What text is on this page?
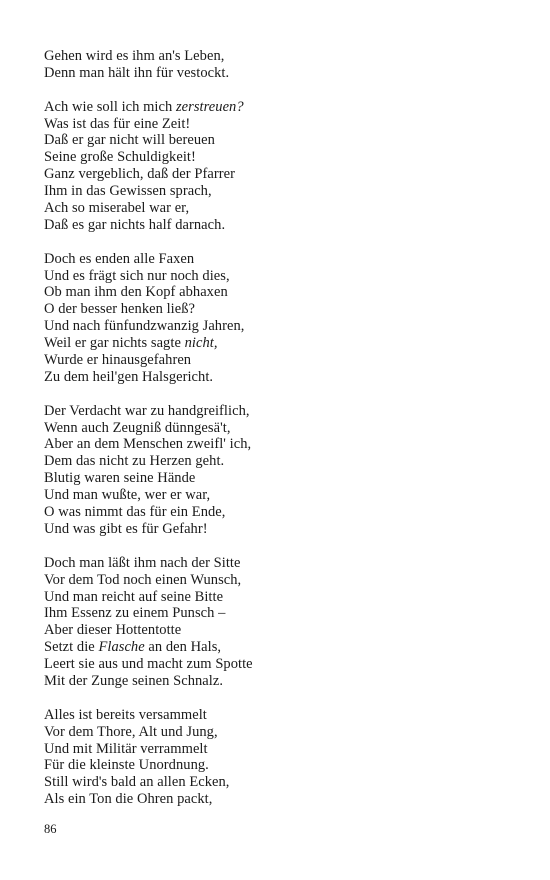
Gehen wird es ihm an's Leben,
Denn man hält ihn für vestockt.
Ach wie soll ich mich zerstreuen?
Was ist das für eine Zeit!
Daß er gar nicht will bereuen
Seine große Schuldigkeit!
Ganz vergeblich, daß der Pfarrer
Ihm in das Gewissen sprach,
Ach so miserabel war er,
Daß es gar nichts half darnach.
Doch es enden alle Faxen
Und es frägt sich nur noch dies,
Ob man ihm den Kopf abhaxen
O der besser henken ließ?
Und nach fünfundzwanzig Jahren,
Weil er gar nichts sagte nicht,
Wurde er hinausgefahren
Zu dem heil'gen Halsgericht.
Der Verdacht war zu handgreiflich,
Wenn auch Zeugniß dünngesä't,
Aber an dem Menschen zweifl' ich,
Dem das nicht zu Herzen geht.
Blutig waren seine Hände
Und man wußte, wer er war,
O was nimmt das für ein Ende,
Und was gibt es für Gefahr!
Doch man läßt ihm nach der Sitte
Vor dem Tod noch einen Wunsch,
Und man reicht auf seine Bitte
Ihm Essenz zu einem Punsch –
Aber dieser Hottentotte
Setzt die Flasche an den Hals,
Leert sie aus und macht zum Spotte
Mit der Zunge seinen Schnalz.
Alles ist bereits versammelt
Vor dem Thore, Alt und Jung,
Und mit Militär verrammelt
Für die kleinste Unordnung.
Still wird's bald an allen Ecken,
Als ein Ton die Ohren packt,
86
